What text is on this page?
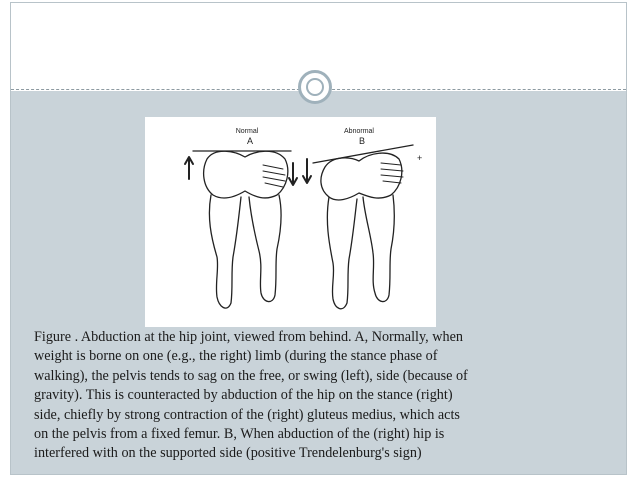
Normal
A
Abnormal
B
+
Figure . Abduction at the hip joint, viewed from behind. A, Normally, when
weight is borne on one (e.g., the right) limb (during the stance phase of
walking), the pelvis tends to sag on the free, or swing (left), side (because of
gravity). This is counteracted by abduction of the hip on the stance (right)
side, chiefly by strong contraction of the (right) gluteus medius, which acts
on the pelvis from a fixed femur. B, When abduction of the (right) hip is
interfered with on the supported side (positive Trendelenburg's sign)
